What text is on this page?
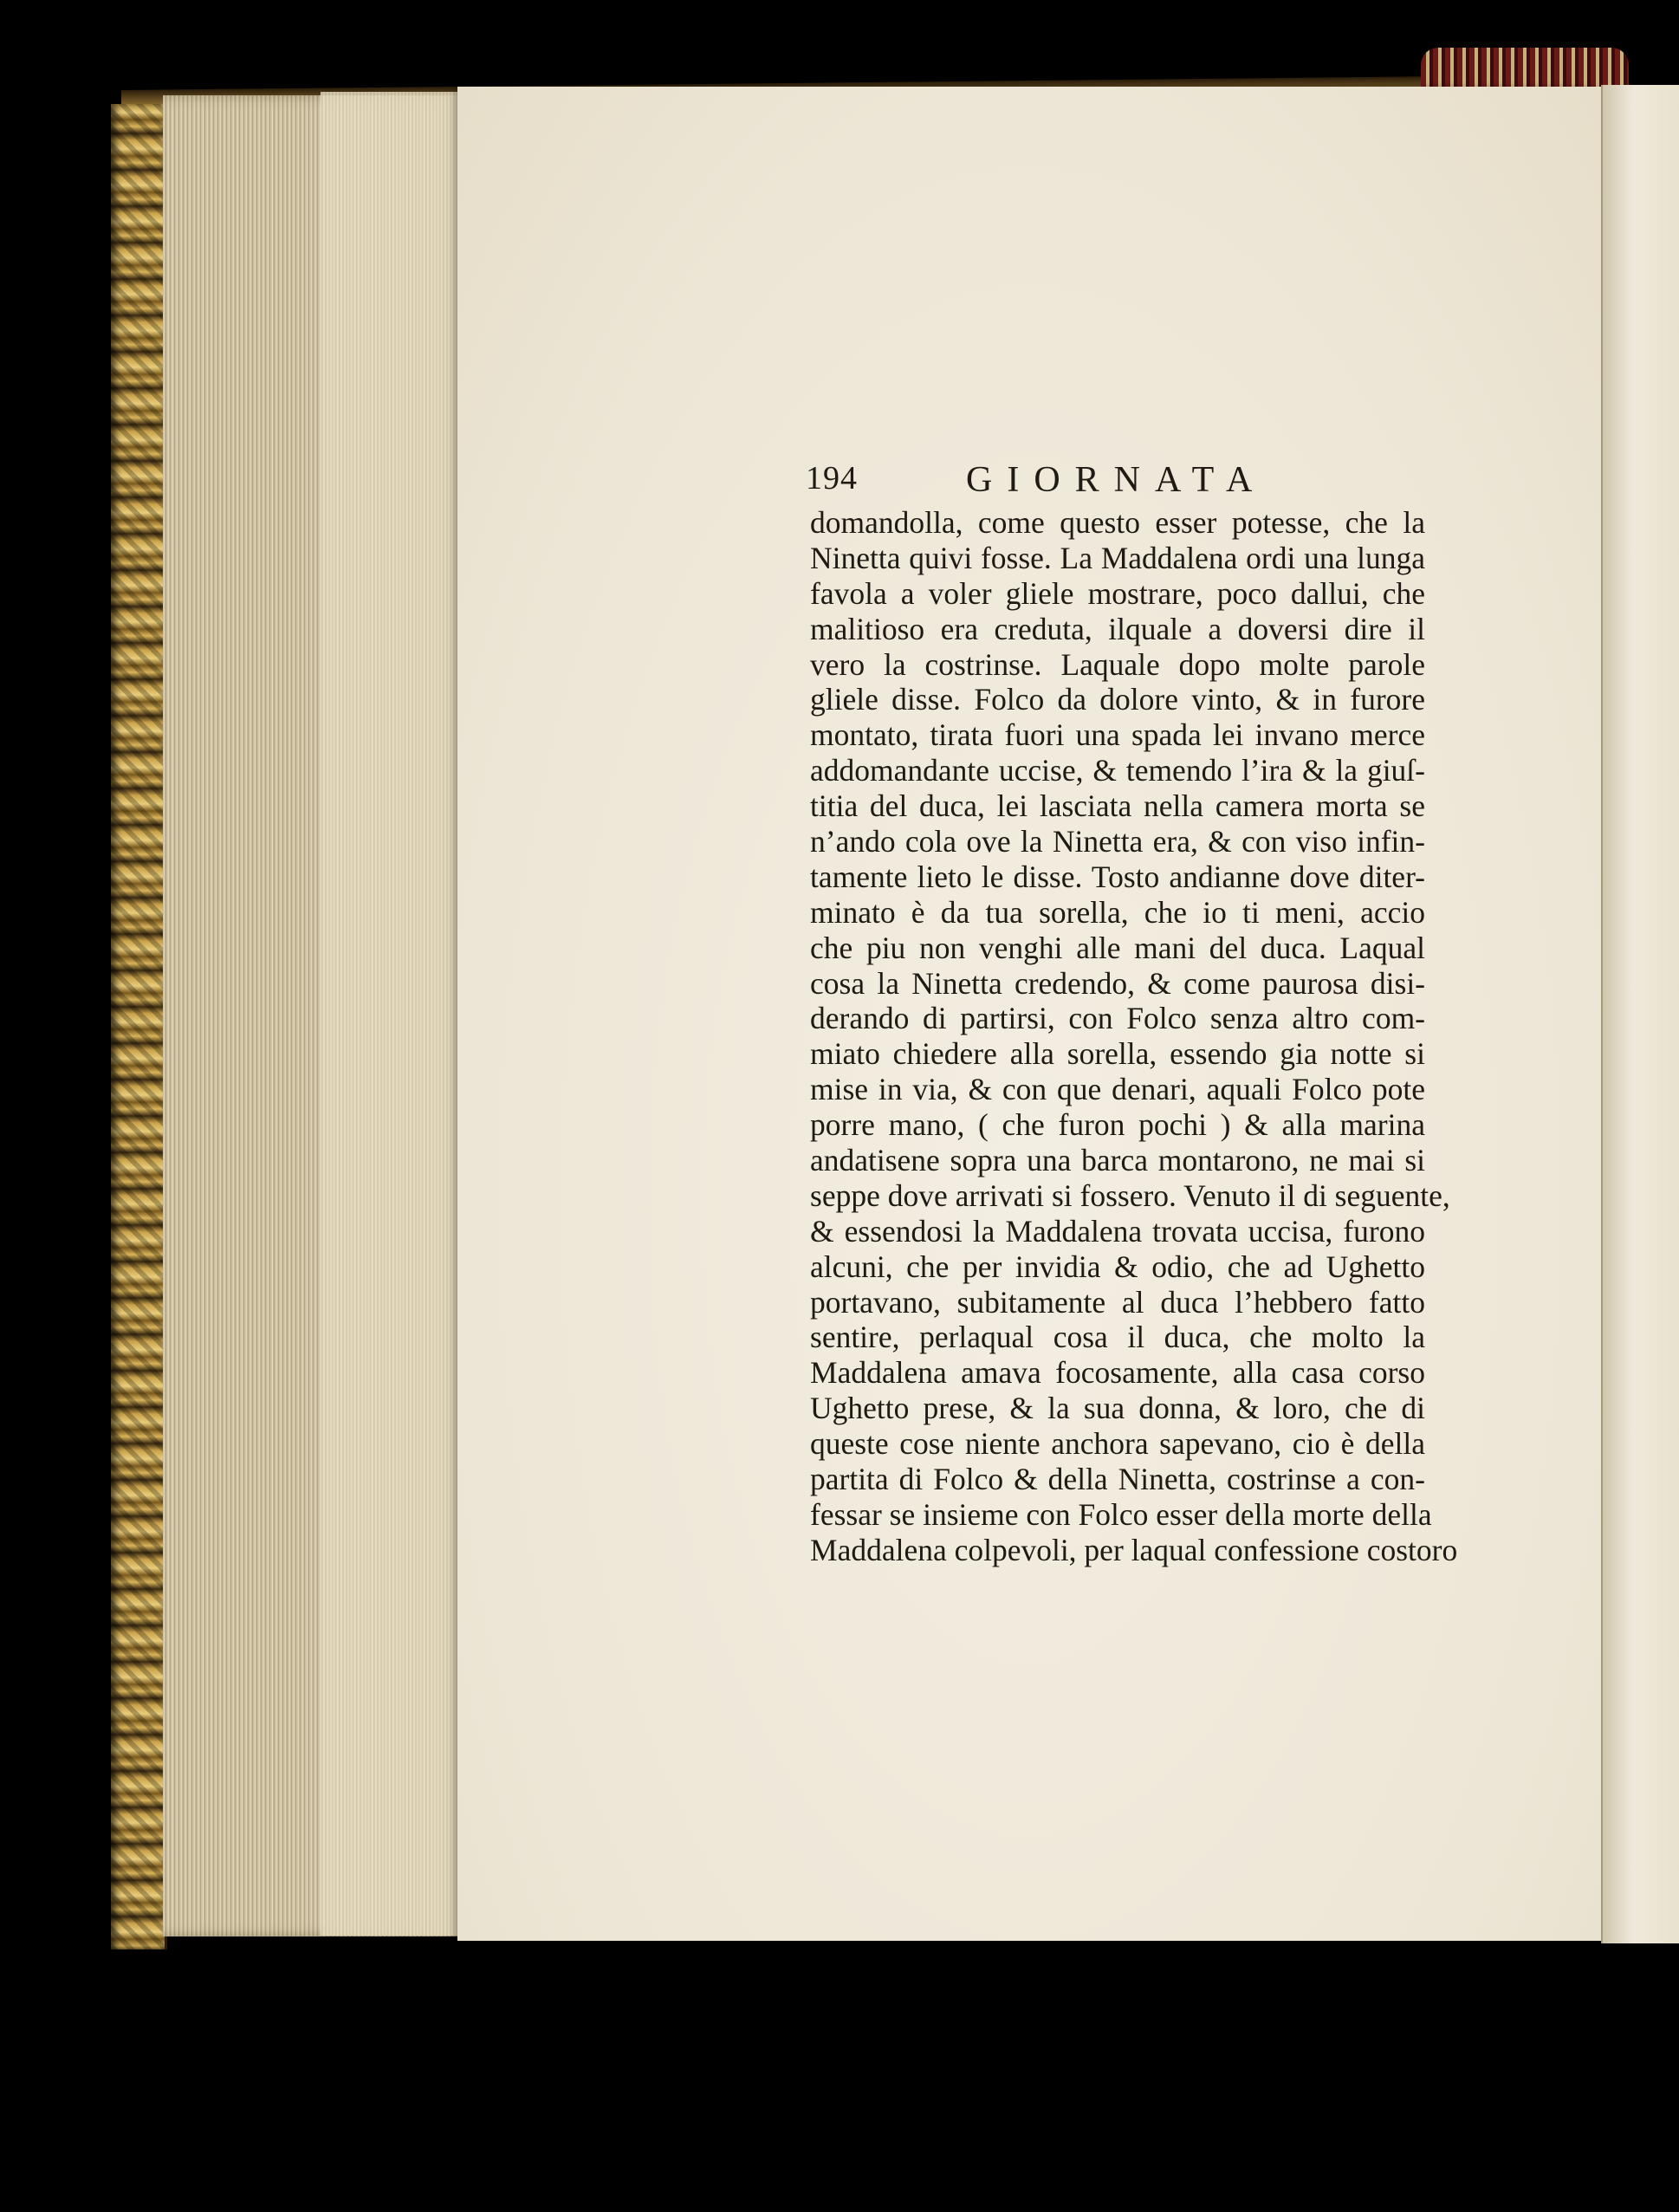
194	GIORNATA
domandolla, come questo esser potesse, che la
Ninetta quivi fosse. La Maddalena ordi una lunga
favola a voler gliele mostrare, poco dallui, che
malitioso era creduta, ilquale a doversi dire il
vero la costrinse. Laquale dopo molte parole
gliele disse. Folco da dolore vinto, & in furore
montato, tirata fuori una spada lei invano merce
addomandante uccise, & temendo l’ira & la giuſ-
titia del duca, lei lasciata nella camera morta se
n’ando cola ove la Ninetta era, & con viso infin-
tamente lieto le disse. Tosto andianne dove diter-
minato è da tua sorella, che io ti meni, accio
che piu non venghi alle mani del duca. Laqual
cosa la Ninetta credendo, & come paurosa disi-
derando di partirsi, con Folco senza altro com-
miato chiedere alla sorella, essendo gia notte si
mise in via, & con que denari, aquali Folco pote
porre mano, ( che furon pochi ) & alla marina
andatisene sopra una barca montarono, ne mai si
seppe dove arrivati si fossero. Venuto il di seguente,
& essendosi la Maddalena trovata uccisa, furono
alcuni, che per invidia & odio, che ad Ughetto
portavano, subitamente al duca l’hebbero fatto
sentire, perlaqual cosa il duca, che molto la
Maddalena amava focosamente, alla casa corso
Ughetto prese, & la sua donna, & loro, che di
queste cose niente anchora sapevano, cio è della
partita di Folco & della Ninetta, costrinse a con-
fessar se insieme con Folco esser della morte della
Maddalena colpevoli, per laqual confessione costoro
